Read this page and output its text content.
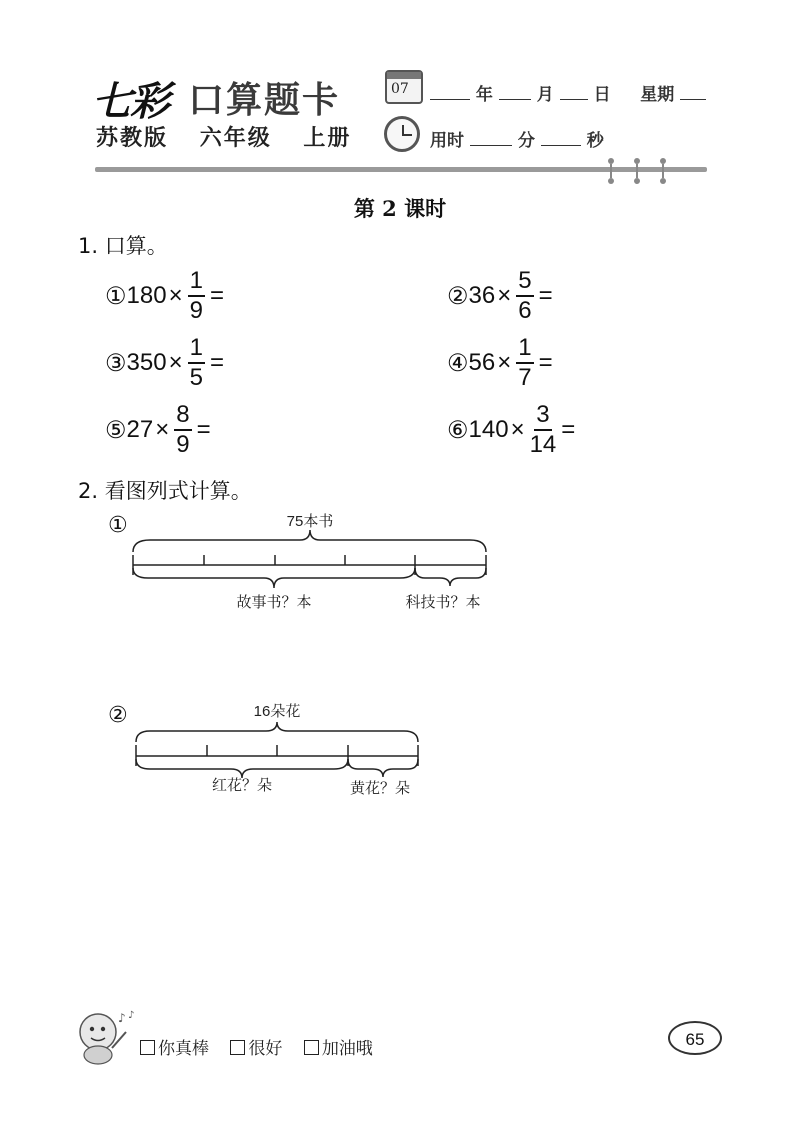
七彩 口算题卡
苏教版 六年级 上册
07	年	月 日 星期
用时	分	秒
第 2 课时
1. 口算。
① $180 \times \frac{1}{9}$ =	② $36 \times \frac{5}{6}$ =
③ $350 \times \frac{1}{5}$ =	④ $56 \times \frac{1}{7}$ =
⑤ $27 \times \frac{8}{9}$ =	⑥ $140 \times \frac{3}{14}$ =
2. 看图列式计算。
①	75本书
故事书？本	科技书？本
②	16朵花
红花？朵	黄花？朵
♪ ♪
你真棒 很好 加油哦	65
